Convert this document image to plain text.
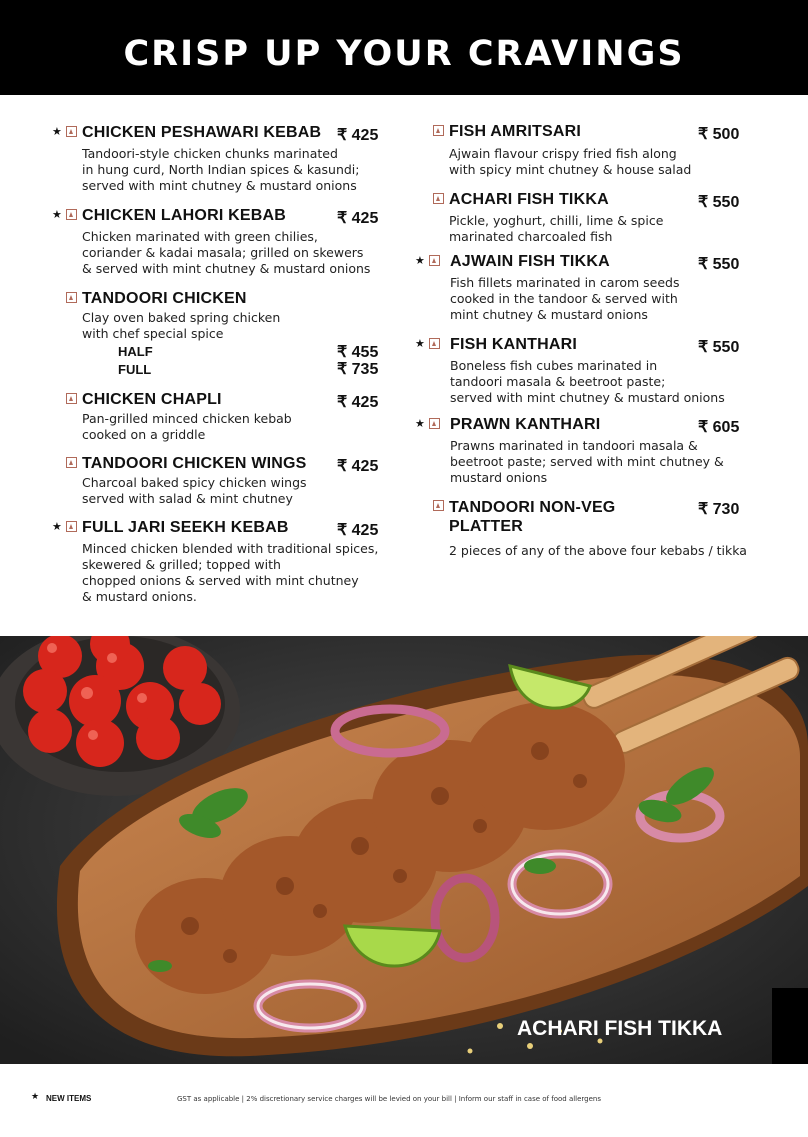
CRISP UP YOUR CRAVINGS
★ CHICKEN PESHAWARI KEBAB ₹ 425
Tandoori-style chicken chunks marinated
in hung curd, North Indian spices & kasundi;
served with mint chutney & mustard onions
★ CHICKEN LAHORI KEBAB	₹ 425
Chicken marinated with green chilies,
coriander & kadai masala; grilled on skewers
& served with mint chutney & mustard onions
TANDOORI CHICKEN
Clay oven baked spring chicken
with chef special spice
HALF	₹ 455
FULL	₹ 735
CHICKEN CHAPLI	₹ 425
Pan-grilled minced chicken kebab
cooked on a griddle
TANDOORI CHICKEN WINGS ₹ 425
Charcoal baked spicy chicken wings
served with salad & mint chutney
★ FULL JARI SEEKH KEBAB	₹ 425
Minced chicken blended with traditional spices,
skewered & grilled; topped with
chopped onions & served with mint chutney
& mustard onions.
FISH AMRITSARI	₹ 500
Ajwain flavour crispy fried fish along
with spicy mint chutney & house salad
ACHARI FISH TIKKA	₹ 550
Pickle, yoghurt, chilli, lime & spice
marinated charcoaled fish
★ AJWAIN FISH TIKKA	₹ 550
Fish fillets marinated in carom seeds
cooked in the tandoor & served with
mint chutney & mustard onions
★ FISH KANTHARI	₹ 550
Boneless fish cubes marinated in
tandoori masala & beetroot paste;
served with mint chutney & mustard onions
★ PRAWN KANTHARI	₹ 605
Prawns marinated in tandoori masala &
beetroot paste; served with mint chutney &
mustard onions
TANDOORI NON-VEG
PLATTER
₹ 730
2 pieces of any of the above four kebabs / tikka
ACHARI FISH TIKKA
★ NEW ITEMS	GST as applicable | 2% discretionary service charges will be levied on your bill | Inform our staff in case of food allergens
